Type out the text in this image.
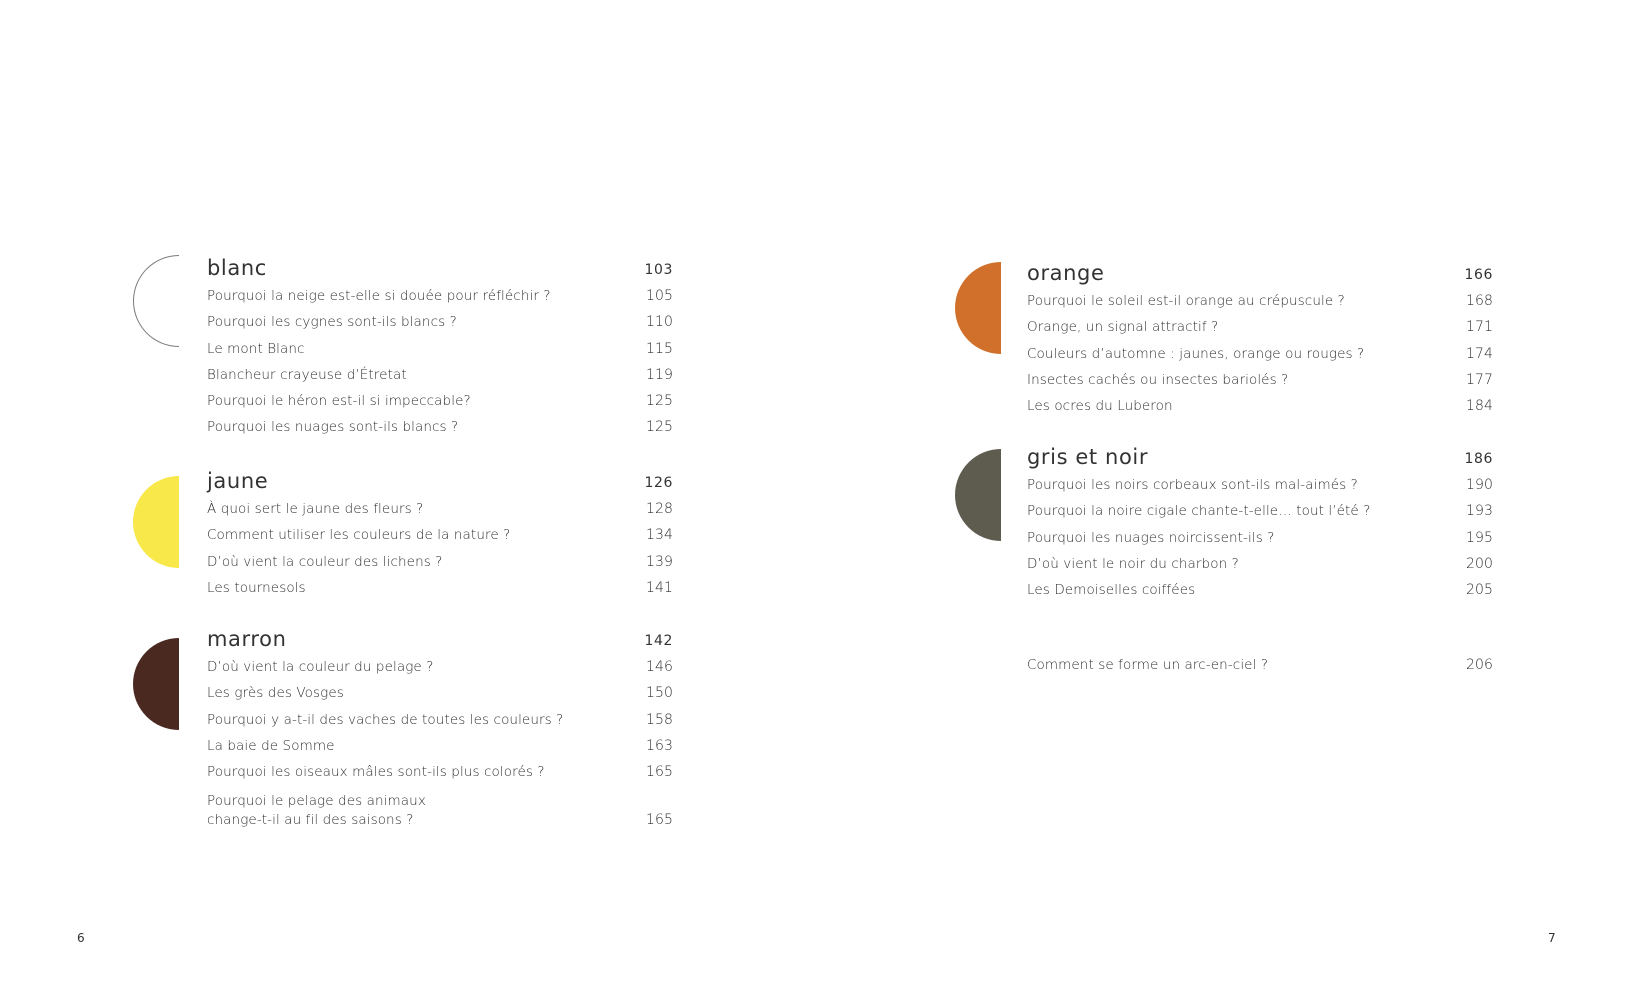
blanc	103
Pourquoi la neige est-elle si douée pour réfléchir ?	105
Pourquoi les cygnes sont-ils blancs ?	110
Le mont Blanc	115
Blancheur crayeuse d’Étretat	119
Pourquoi le héron est-il si impeccable?	125
Pourquoi les nuages sont-ils blancs ?	125
jaune	126
À quoi sert le jaune des fleurs ?	128
Comment utiliser les couleurs de la nature ?	134
D’où vient la couleur des lichens ?	139
Les tournesols	141
marron	142
D’où vient la couleur du pelage ?	146
Les grès des Vosges	150
Pourquoi y a-t-il des vaches de toutes les couleurs ?	158
La baie de Somme	163
Pourquoi les oiseaux mâles sont-ils plus colorés ?	165
Pourquoi le pelage des animaux change-t-il au fil des saisons ?	165
6
orange	166
Pourquoi le soleil est-il orange au crépuscule ?	168
Orange, un signal attractif ?	171
Couleurs d’automne : jaunes, orange ou rouges ?	174
Insectes cachés ou insectes bariolés ?	177
Les ocres du Luberon	184
gris et noir	186
Pourquoi les noirs corbeaux sont-ils mal-aimés ?	190
Pourquoi la noire cigale chante-t-elle… tout l’été ?	193
Pourquoi les nuages noircissent-ils ?	195
D’où vient le noir du charbon ?	200
Les Demoiselles coiffées	205
Comment se forme un arc-en-ciel ?	206
7
